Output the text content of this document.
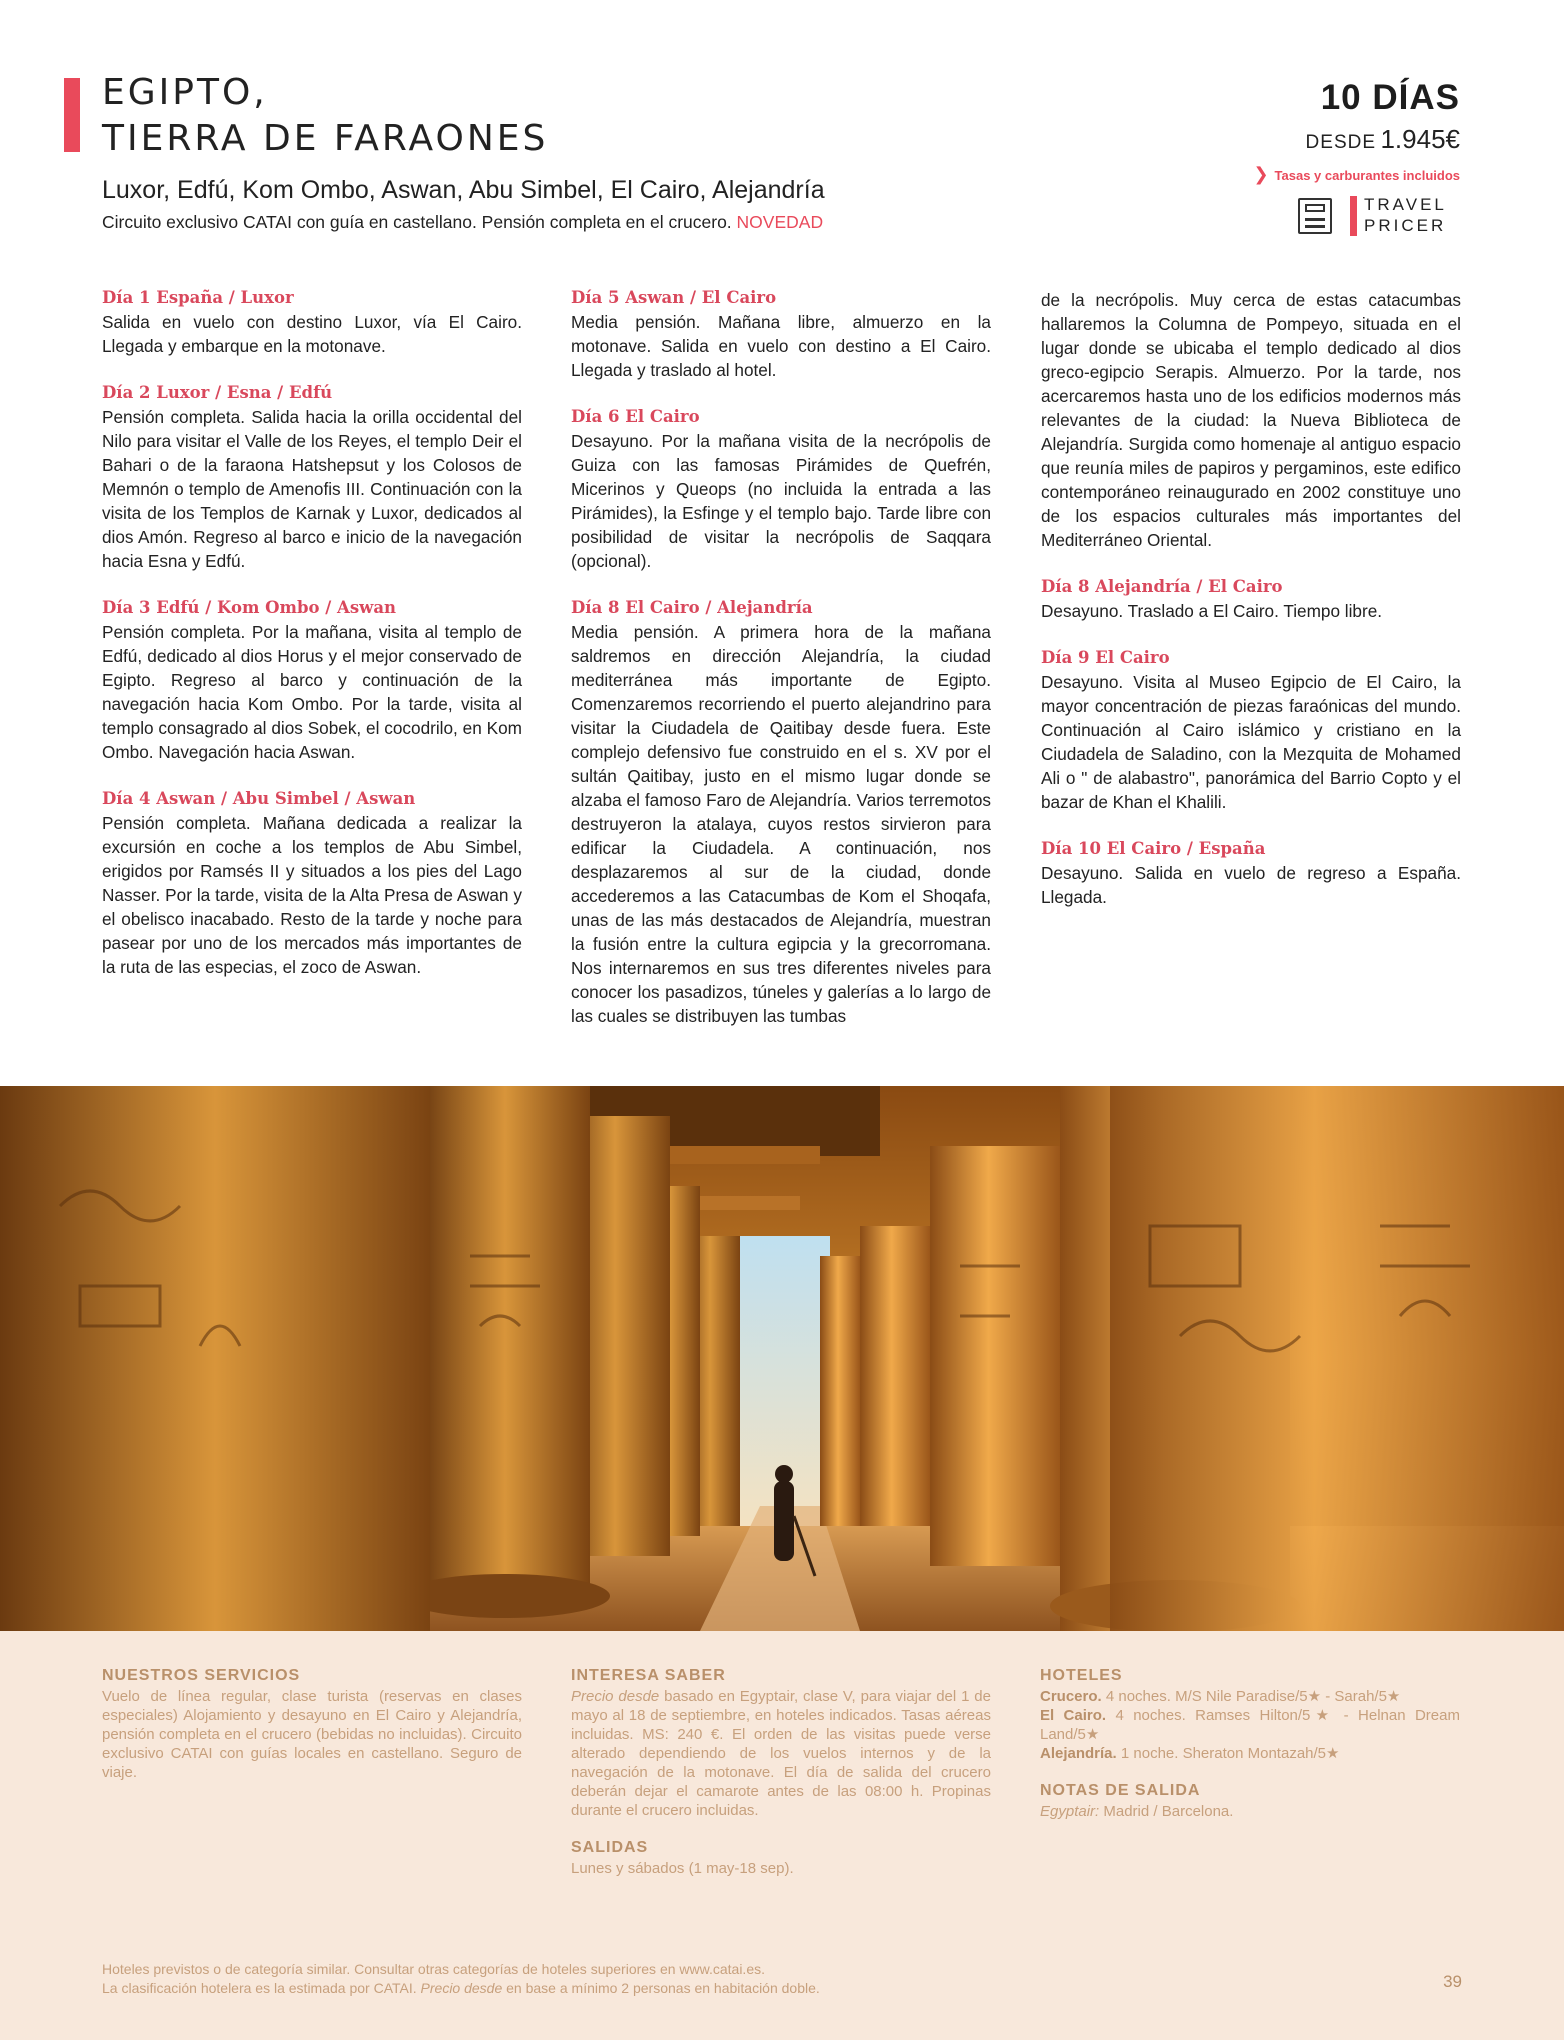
EGIPTO,
TIERRA DE FARAONES
Luxor, Edfú, Kom Ombo, Aswan, Abu Simbel, El Cairo, Alejandría
Circuito exclusivo CATAI con guía en castellano. Pensión completa en el crucero. NOVEDAD
10 DÍAS
DESDE 1.945€
❯ Tasas y carburantes incluidos
TRAVEL
PRICER
Día 1 España / Luxor

Salida en vuelo con destino Luxor, vía El Cairo. Llegada y embarque en la motonave.

Día 2 Luxor / Esna / Edfú

Pensión completa. Salida hacia la orilla occidental del Nilo para visitar el Valle de los Reyes, el templo Deir el Bahari o de la faraona Hatshepsut y los Colosos de Memnón o templo de Amenofis III. Continuación con la visita de los Templos de Karnak y Luxor, dedicados al dios Amón. Regreso al barco e inicio de la navegación hacia Esna y Edfú.

Día 3 Edfú / Kom Ombo / Aswan

Pensión completa. Por la mañana, visita al templo de Edfú, dedicado al dios Horus y el mejor conservado de Egipto. Regreso al barco y continuación de la navegación hacia Kom Ombo. Por la tarde, visita al templo consagrado al dios Sobek, el cocodrilo, en Kom Ombo. Navegación hacia Aswan.

Día 4 Aswan / Abu Simbel / Aswan

Pensión completa. Mañana dedicada a realizar la excursión en coche a los templos de Abu Simbel, erigidos por Ramsés II y situados a los pies del Lago Nasser. Por la tarde, visita de la Alta Presa de Aswan y el obelisco inacabado. Resto de la tarde y noche para pasear por uno de los mercados más importantes de la ruta de las especias, el zoco de Aswan.

Día 5 Aswan / El Cairo

Media pensión. Mañana libre, almuerzo en la motonave. Salida en vuelo con destino a El Cairo. Llegada y traslado al hotel.

Día 6 El Cairo

Desayuno. Por la mañana visita de la necrópolis de Guiza con las famosas Pirámides de Quefrén, Micerinos y Queops (no incluida la entrada a las Pirámides), la Esfinge y el templo bajo. Tarde libre con posibilidad de visitar la necrópolis de Saqqara (opcional).

Día 8 El Cairo / Alejandría

Media pensión. A primera hora de la mañana saldremos en dirección Alejandría, la ciudad mediterránea más importante de Egipto. Comenzaremos recorriendo el puerto alejandrino para visitar la Ciudadela de Qaitibay desde fuera. Este complejo defensivo fue construido en el s. XV por el sultán Qaitibay, justo en el mismo lugar donde se alzaba el famoso Faro de Alejandría. Varios terremotos destruyeron la atalaya, cuyos restos sirvieron para edificar la Ciudadela. A continuación, nos desplazaremos al sur de la ciudad, donde accederemos a las Catacumbas de Kom el Shoqafa, unas de las más destacados de Alejandría, muestran la fusión entre la cultura egipcia y la grecorromana. Nos internaremos en sus tres diferentes niveles para conocer los pasadizos, túneles y galerías a lo largo de las cuales se distribuyen las tumbas

de la necrópolis. Muy cerca de estas catacumbas hallaremos la Columna de Pompeyo, situada en el lugar donde se ubicaba el templo dedicado al dios greco-egipcio Serapis. Almuerzo. Por la tarde, nos acercaremos hasta uno de los edificios modernos más relevantes de la ciudad: la Nueva Biblioteca de Alejandría. Surgida como homenaje al antiguo espacio que reunía miles de papiros y pergaminos, este edifico contemporáneo reinaugurado en 2002 constituye uno de los espacios culturales más importantes del Mediterráneo Oriental.

Día 8 Alejandría / El Cairo

Desayuno. Traslado a El Cairo. Tiempo libre.

Día 9 El Cairo

Desayuno. Visita al Museo Egipcio de El Cairo, la mayor concentración de piezas faraónicas del mundo. Continuación al Cairo islámico y cristiano en la Ciudadela de Saladino, con la Mezquita de Mohamed Ali o " de alabastro", panorámica del Barrio Copto y el bazar de Khan el Khalili.

Día 10 El Cairo / España

Desayuno. Salida en vuelo de regreso a España. Llegada.

NUESTROS SERVICIOS

Vuelo de línea regular, clase turista (reservas en clases especiales) Alojamiento y desayuno en El Cairo y Alejandría, pensión completa en el crucero (bebidas no incluidas). Circuito exclusivo CATAI con guías locales en castellano. Seguro de viaje.

INTERESA SABER

Precio desde basado en Egyptair, clase V, para viajar del 1 de mayo al 18 de septiembre, en hoteles indicados. Tasas aéreas incluidas. MS: 240 €. El orden de las visitas puede verse alterado dependiendo de los vuelos internos y de la navegación de la motonave. El día de salida del crucero deberán dejar el camarote antes de las 08:00 h. Propinas durante el crucero incluidas.

SALIDAS

Lunes y sábados (1 may-18 sep).

HOTELES

Crucero. 4 noches. M/S Nile Paradise/5★ - Sarah/5★

El Cairo. 4 noches. Ramses Hilton/5★ - Helnan Dream Land/5★

Alejandría. 1 noche. Sheraton Montazah/5★

NOTAS DE SALIDA

Egyptair: Madrid / Barcelona.

Hoteles previstos o de categoría similar. Consultar otras categorías de hoteles superiores en www.catai.es.
La clasificación hotelera es la estimada por CATAI. Precio desde en base a mínimo 2 personas en habitación doble.	39
